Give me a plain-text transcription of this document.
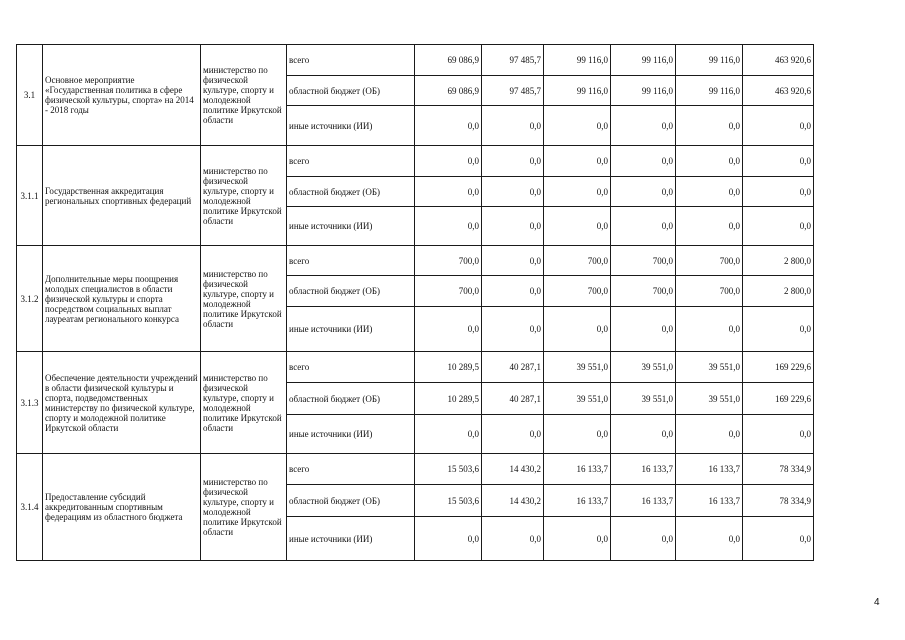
3.1	Основное мероприятие «Государственная политика в сфере физической культуры, спорта» на 2014 - 2018 годы	министерство по физической культуре, спорту и молодежной политике Иркутской области	всего	69 086,9	97 485,7	99 116,0	99 116,0	99 116,0	463 920,6
			областной бюджет (ОБ)	69 086,9	97 485,7	99 116,0	99 116,0	99 116,0	463 920,6
			иные источники (ИИ)	0,0	0,0	0,0	0,0	0,0	0,0
3.1.1	Государственная аккредитация региональных спортивных федераций	министерство по физической культуре, спорту и молодежной политике Иркутской области	всего	0,0	0,0	0,0	0,0	0,0	0,0
			областной бюджет (ОБ)	0,0	0,0	0,0	0,0	0,0	0,0
			иные источники (ИИ)	0,0	0,0	0,0	0,0	0,0	0,0
3.1.2	Дополнительные меры поощрения молодых специалистов в области физической культуры и спорта посредством социальных выплат лауреатам регионального конкурса	министерство по физической культуре, спорту и молодежной политике Иркутской области	всего	700,0	0,0	700,0	700,0	700,0	2 800,0
			областной бюджет (ОБ)	700,0	0,0	700,0	700,0	700,0	2 800,0
			иные источники (ИИ)	0,0	0,0	0,0	0,0	0,0	0,0
3.1.3	Обеспечение деятельности учреждений в области физической культуры и спорта, подведомственных министерству по физической культуре, спорту и молодежной политике Иркутской области	министерство по физической культуре, спорту и молодежной политике Иркутской области	всего	10 289,5	40 287,1	39 551,0	39 551,0	39 551,0	169 229,6
			областной бюджет (ОБ)	10 289,5	40 287,1	39 551,0	39 551,0	39 551,0	169 229,6
			иные источники (ИИ)	0,0	0,0	0,0	0,0	0,0	0,0
3.1.4	Предоставление субсидий аккредитованным спортивным федерациям из областного бюджета	министерство по физической культуре, спорту и молодежной политике Иркутской области	всего	15 503,6	14 430,2	16 133,7	16 133,7	16 133,7	78 334,9
			областной бюджет (ОБ)	15 503,6	14 430,2	16 133,7	16 133,7	16 133,7	78 334,9
			иные источники (ИИ)	0,0	0,0	0,0	0,0	0,0	0,0
4
